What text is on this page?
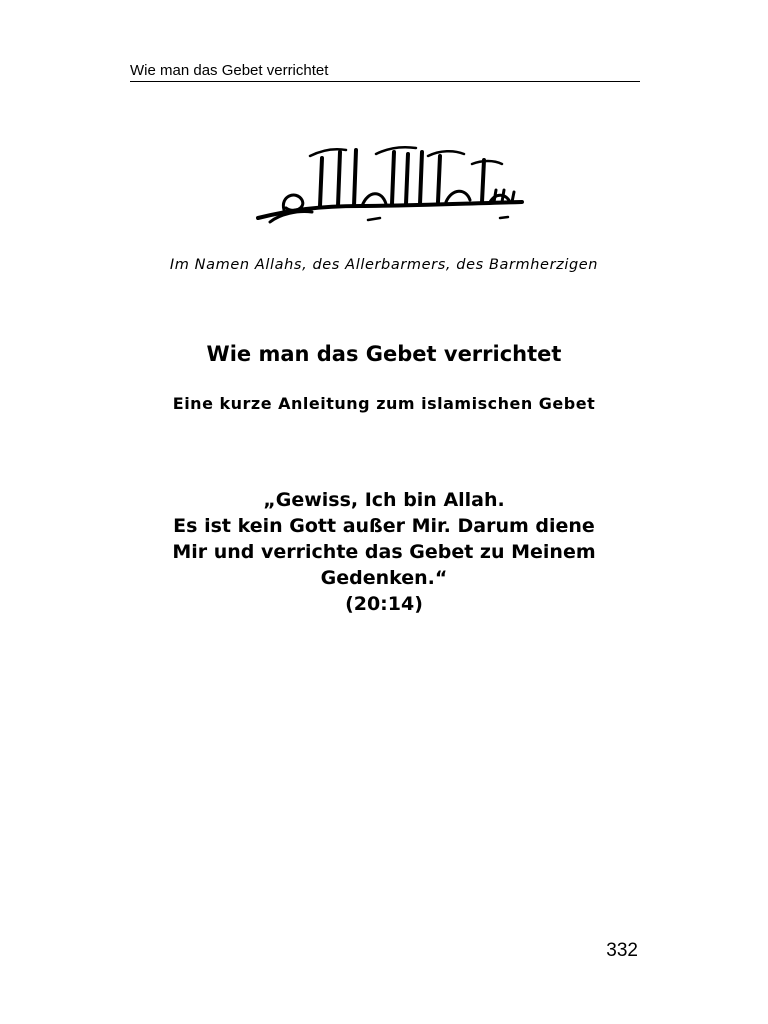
Wie man das Gebet verrichtet
Im Namen Allahs, des Allerbarmers, des Barmherzigen
Wie man das Gebet verrichtet
Eine kurze Anleitung zum islamischen Gebet
„Gewiss, Ich bin Allah.
Es ist kein Gott außer Mir. Darum diene
Mir und verrichte das Gebet zu Meinem
Gedenken.“
(20:14)
332
